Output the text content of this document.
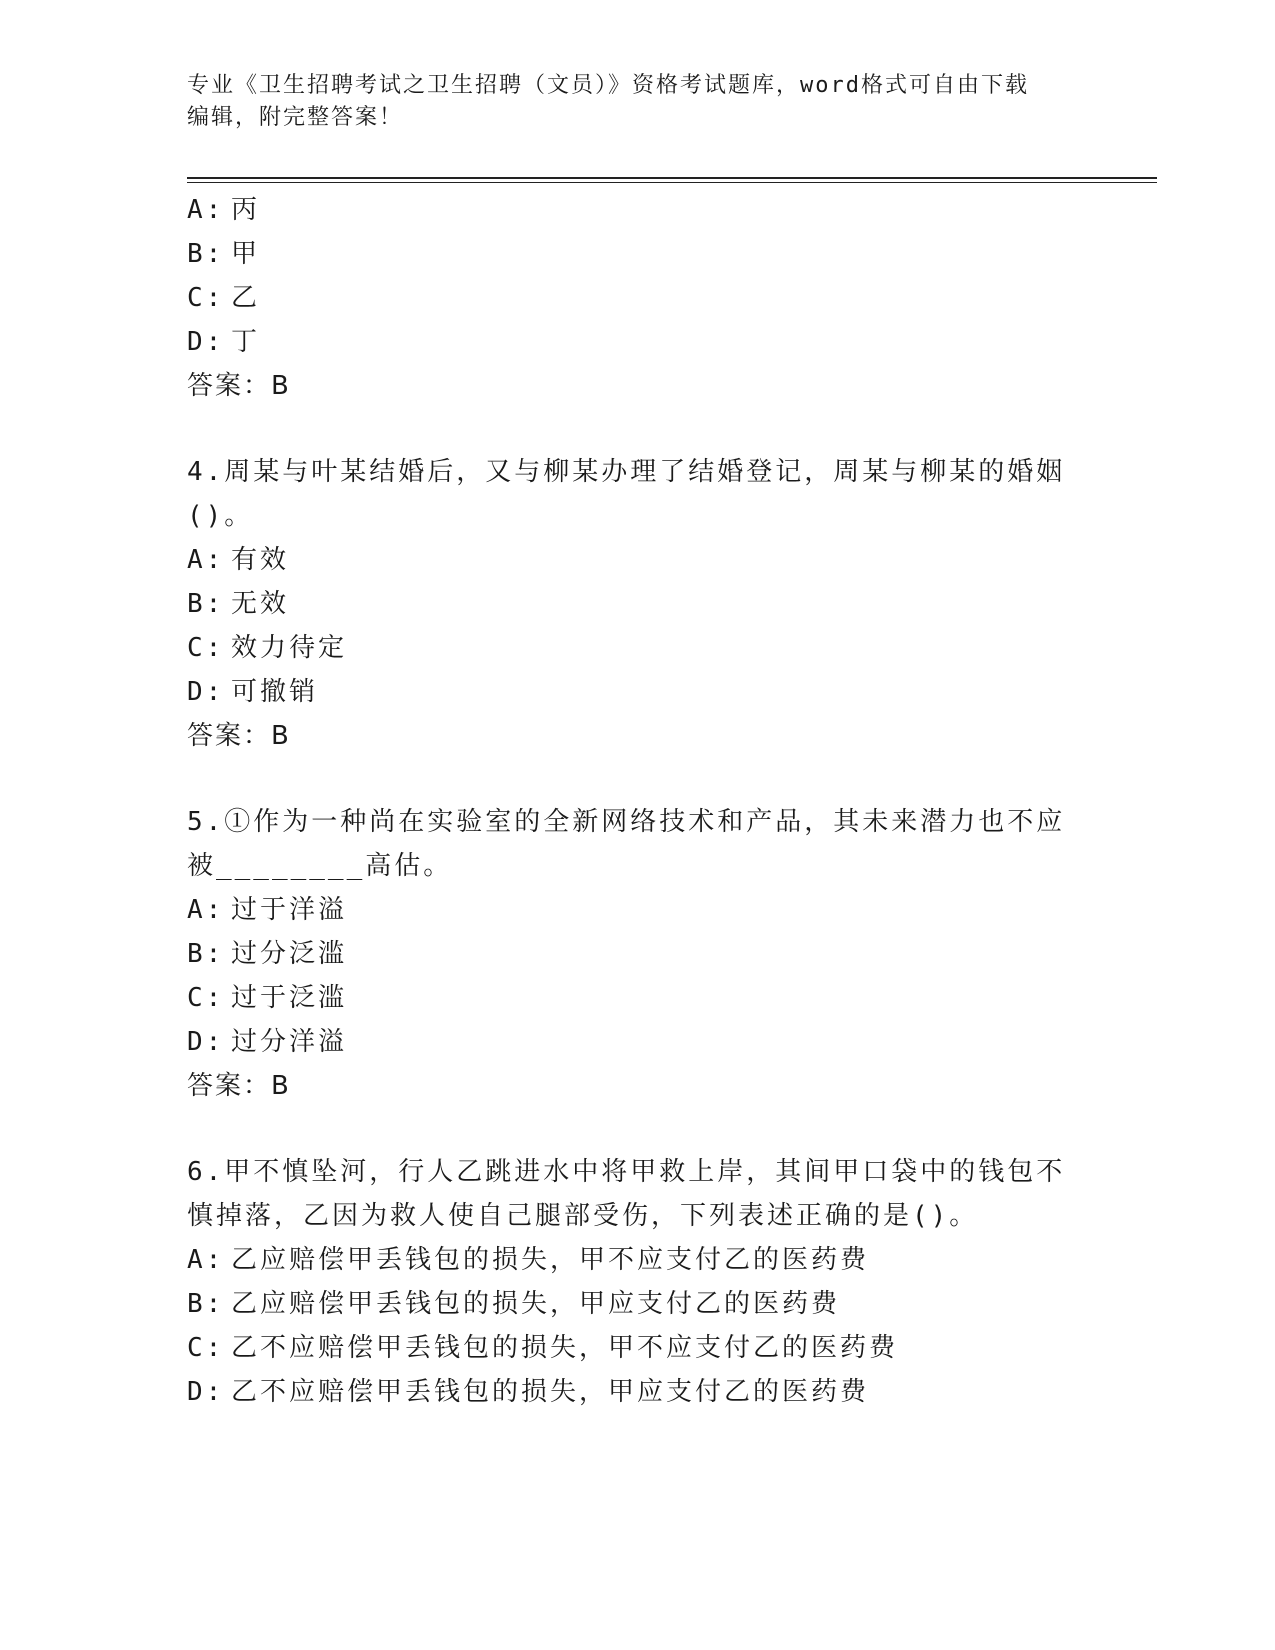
专业《卫生招聘考试之卫生招聘（文员）》资格考试题库，word格式可自由下载
编辑，附完整答案！
A: 丙
B: 甲
C: 乙
D: 丁
答案：B
4.周某与叶某结婚后，又与柳某办理了结婚登记，周某与柳某的婚姻
()。
A: 有效
B: 无效
C: 效力待定
D: 可撤销
答案：B
5.①作为一种尚在实验室的全新网络技术和产品，其未来潜力也不应
被________高估。
A: 过于洋溢
B: 过分泛滥
C: 过于泛滥
D: 过分洋溢
答案：B
6.甲不慎坠河，行人乙跳进水中将甲救上岸，其间甲口袋中的钱包不
慎掉落，乙因为救人使自己腿部受伤，下列表述正确的是()。
A: 乙应赔偿甲丢钱包的损失，甲不应支付乙的医药费
B: 乙应赔偿甲丢钱包的损失，甲应支付乙的医药费
C: 乙不应赔偿甲丢钱包的损失，甲不应支付乙的医药费
D: 乙不应赔偿甲丢钱包的损失，甲应支付乙的医药费
